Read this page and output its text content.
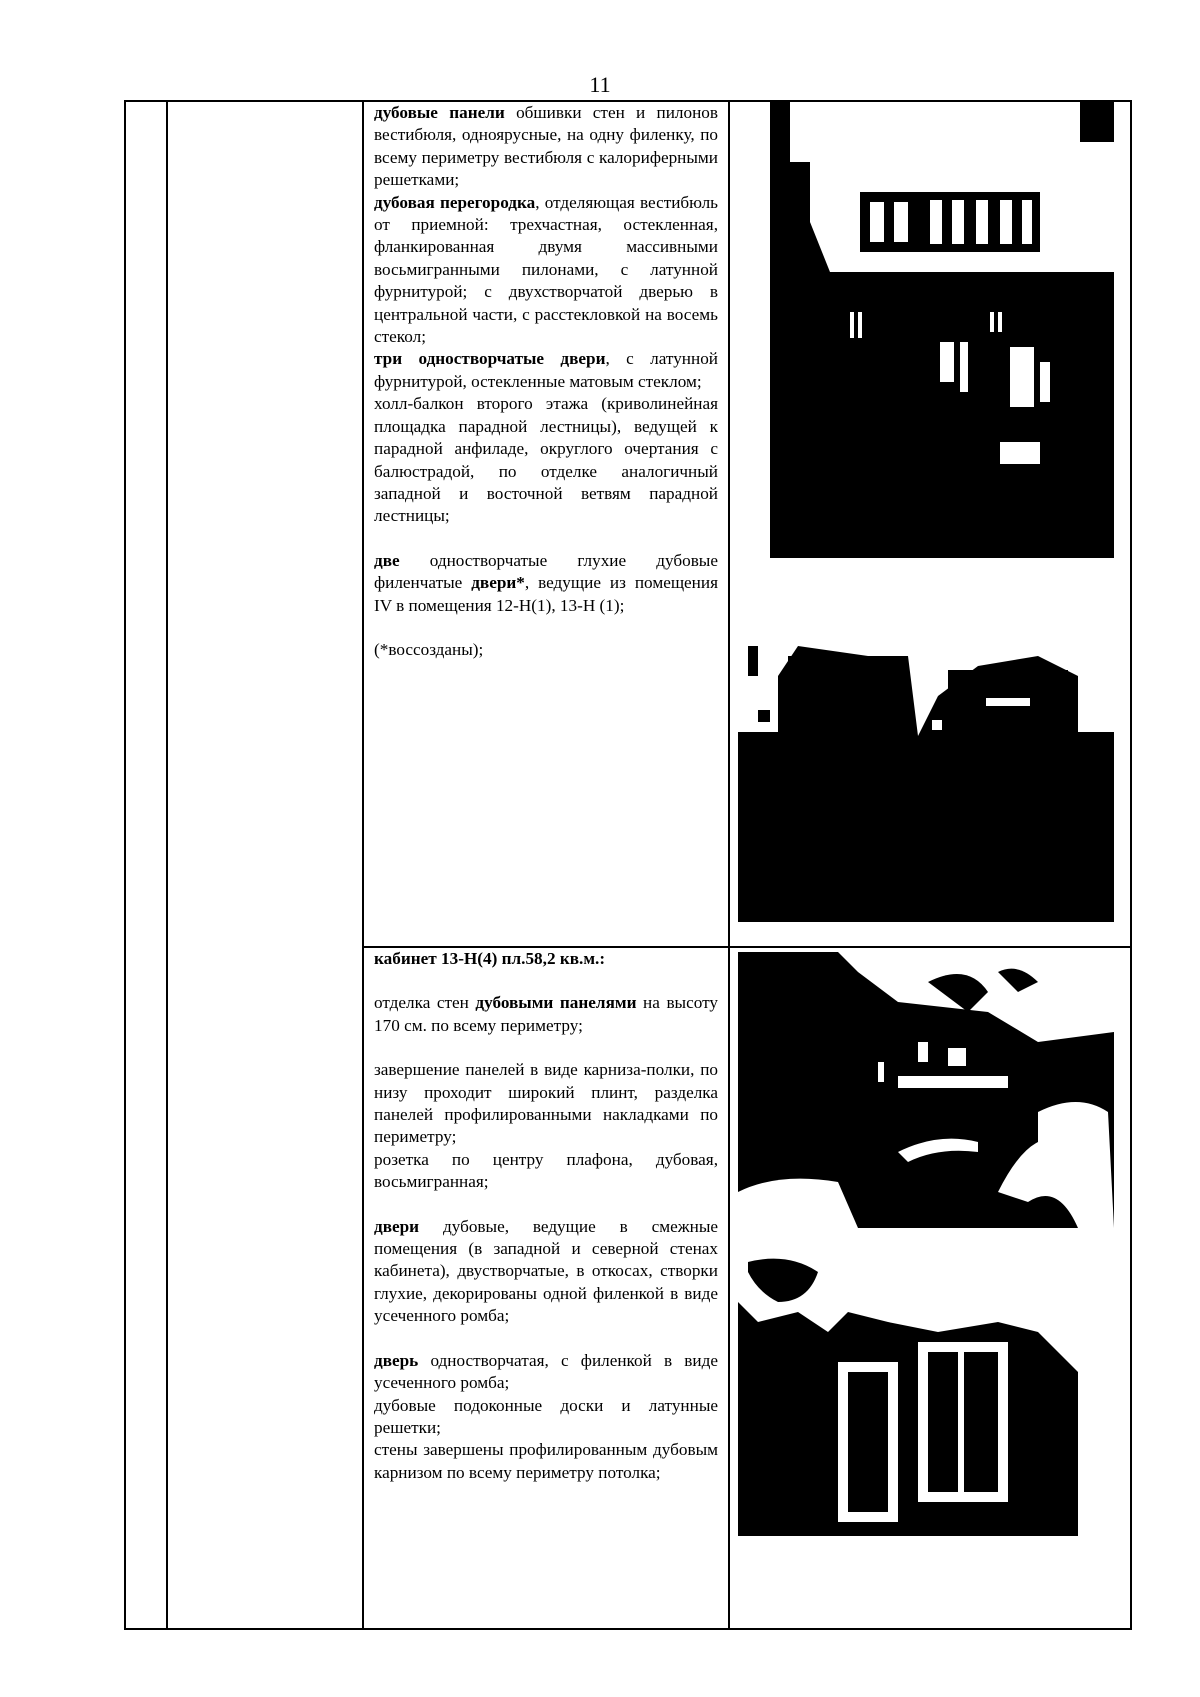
11

дубовые панели обшивки стен и пилонов вестибюля, одноярусные, на одну филенку, по всему периметру вестибюля с калориферными решетками;

дубовая перегородка, отделяющая вестибюль от приемной: трехчастная, остекленная, фланкированная двумя массивными восьмигранными пилонами, с латунной фурнитурой; с двухстворчатой дверью в центральной части, с расстекловкой на восемь стекол;

три одностворчатые двери, с латунной фурнитурой, остекленные матовым стеклом;

холл-балкон второго этажа (криволинейная площадка парадной лестницы), ведущей к парадной анфиладе, округлого очертания с балюстрадой, по отделке аналогичный западной и восточной ветвям парадной лестницы;

две одностворчатые глухие дубовые филенчатые двери*, ведущие из помещения IV в помещения 12-Н(1), 13-Н (1);

(*воссозданы);

кабинет 13-Н(4) пл.58,2 кв.м.:

отделка стен дубовыми панелями на высоту 170 см. по всему периметру;

завершение панелей в виде карниза-полки, по низу проходит широкий плинт, разделка панелей профилированными накладками по периметру;

розетка по центру плафона, дубовая, восьмигранная;

двери дубовые, ведущие в смежные помещения (в западной и северной стенах кабинета), двустворчатые, в откосах, створки глухие, декорированы одной филенкой в виде усеченного ромба;

дверь одностворчатая, с филенкой в виде усеченного ромба;

дубовые подоконные доски и латунные решетки;

стены завершены профилированным дубовым карнизом по всему периметру потолка;
